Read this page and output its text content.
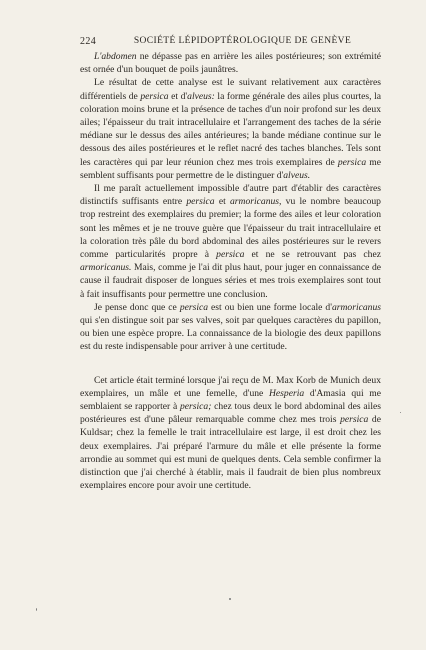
224	SOCIÉTÉ LÉPIDOPTÉROLOGIQUE DE GENÈVE

L'abdomen ne dépasse pas en arrière les ailes postérieures; son extrémité est ornée d'un bouquet de poils jaunâtres.

Le résultat de cette analyse est le suivant relativement aux caractères différentiels de persica et d'alveus: la forme générale des ailes plus courtes, la coloration moins brune et la présence de taches d'un noir profond sur les deux ailes; l'épaisseur du trait intracellulaire et l'arrangement des taches de la série médiane sur le dessus des ailes antérieures; la bande médiane continue sur le dessous des ailes postérieures et le reflet nacré des taches blanches. Tels sont les caractères qui par leur réunion chez mes trois exemplaires de persica me semblent suffisants pour permettre de le distinguer d'alveus.

Il me paraît actuellement impossible d'autre part d'établir des caractères distinctifs suffisants entre persica et armoricanus, vu le nombre beaucoup trop restreint des exemplaires du premier; la forme des ailes et leur coloration sont les mêmes et je ne trouve guère que l'épaisseur du trait intracellulaire et la coloration très pâle du bord abdominal des ailes postérieures sur le revers comme particularités propre à persica et ne se retrouvant pas chez armoricanus. Mais, comme je l'ai dit plus haut, pour juger en connaissance de cause il faudrait disposer de longues séries et mes trois exemplaires sont tout à fait insuffisants pour permettre une conclusion.

Je pense donc que ce persica est ou bien une forme locale d'armoricanus qui s'en distingue soit par ses valves, soit par quelques caractères du papillon, ou bien une espèce propre. La connaissance de la biologie des deux papillons est du reste indispensable pour arriver à une certitude.

Cet article était terminé lorsque j'ai reçu de M. Max Korb de Munich deux exemplaires, un mâle et une femelle, d'une Hesperia d'Amasia qui me semblaient se rapporter à persica; chez tous deux le bord abdominal des ailes postérieures est d'une pâleur remarquable comme chez mes trois persica de Kuldsar; chez la femelle le trait intracellulaire est large, il est droit chez les deux exemplaires. J'ai préparé l'armure du mâle et elle présente la forme arrondie au sommet qui est muni de quelques dents. Cela semble confirmer la distinction que j'ai cherché à établir, mais il faudrait de bien plus nombreux exemplaires encore pour avoir une certitude.
